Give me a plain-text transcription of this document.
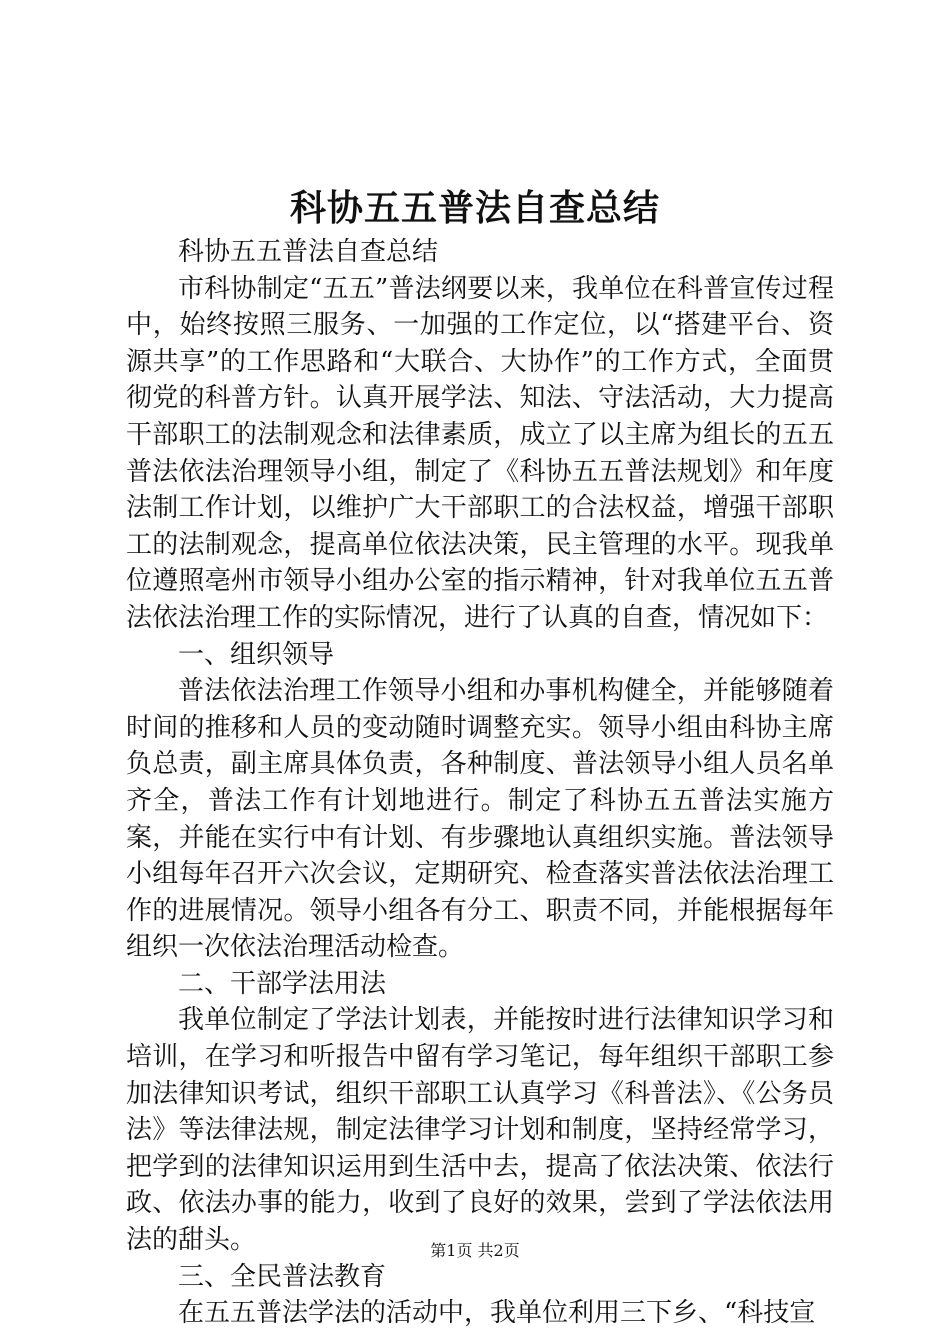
科协五五普法自查总结

科协五五普法自查总结

市科协制定“五五”普法纲要以来，我单位在科普宣传过程中，始终按照三服务、一加强的工作定位，以“搭建平台、资源共享”的工作思路和“大联合、大协作”的工作方式，全面贯彻党的科普方针。认真开展学法、知法、守法活动，大力提高干部职工的法制观念和法律素质，成立了以主席为组长的五五普法依法治理领导小组，制定了《科协五五普法规划》和年度法制工作计划，以维护广大干部职工的合法权益，增强干部职工的法制观念，提高单位依法决策，民主管理的水平。现我单位遵照亳州市领导小组办公室的指示精神，针对我单位五五普法依法治理工作的实际情况，进行了认真的自查，情况如下：

一、组织领导

普法依法治理工作领导小组和办事机构健全，并能够随着时间的推移和人员的变动随时调整充实。领导小组由科协主席负总责，副主席具体负责，各种制度、普法领导小组人员名单齐全，普法工作有计划地进行。制定了科协五五普法实施方案，并能在实行中有计划、有步骤地认真组织实施。普法领导小组每年召开六次会议，定期研究、检查落实普法依法治理工作的进展情况。领导小组各有分工、职责不同，并能根据每年组织一次依法治理活动检查。

二、干部学法用法

我单位制定了学法计划表，并能按时进行法律知识学习和培训，在学习和听报告中留有学习笔记，每年组织干部职工参加法律知识考试，组织干部职工认真学习《科普法》、《公务员法》等法律法规，制定法律学习计划和制度，坚持经常学习，把学到的法律知识运用到生活中去，提高了依法决策、依法行政、依法办事的能力，收到了良好的效果，尝到了学法依法用法的甜头。

三、全民普法教育

在五五普法学法的活动中，我单位利用三下乡、“科技宣

第1页 共2页
